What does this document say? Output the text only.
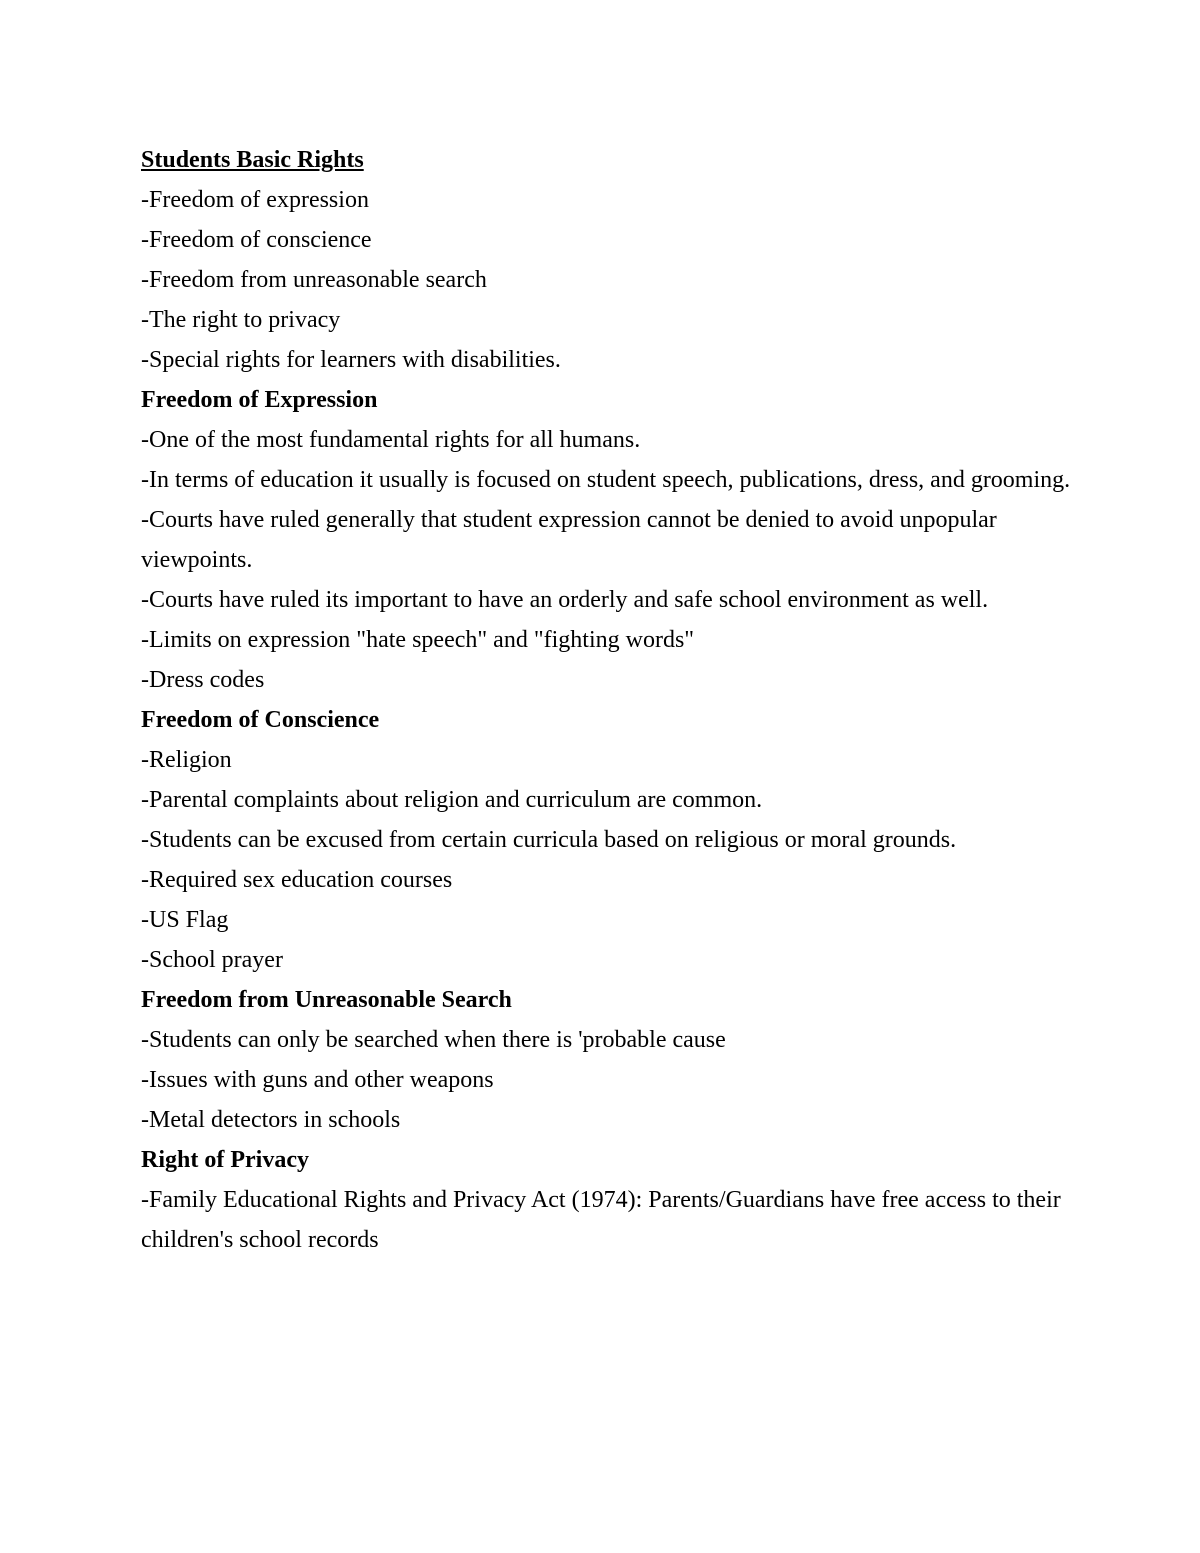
Students Basic Rights

-Freedom of expression

-Freedom of conscience

-Freedom from unreasonable search

-The right to privacy

-Special rights for learners with disabilities.

Freedom of Expression

-One of the most fundamental rights for all humans.

-In terms of education it usually is focused on student speech, publications, dress, and grooming.

-Courts have ruled generally that student expression cannot be denied to avoid unpopular viewpoints.

-Courts have ruled its important to have an orderly and safe school environment as well.

-Limits on expression "hate speech" and "fighting words"

-Dress codes

Freedom of Conscience

-Religion

-Parental complaints about religion and curriculum are common.

-Students can be excused from certain curricula based on religious or moral grounds.

-Required sex education courses

-US Flag

-School prayer

Freedom from Unreasonable Search

-Students can only be searched when there is 'probable cause

-Issues with guns and other weapons

-Metal detectors in schools

Right of Privacy

-Family Educational Rights and Privacy Act (1974): Parents/Guardians have free access to their children's school records
